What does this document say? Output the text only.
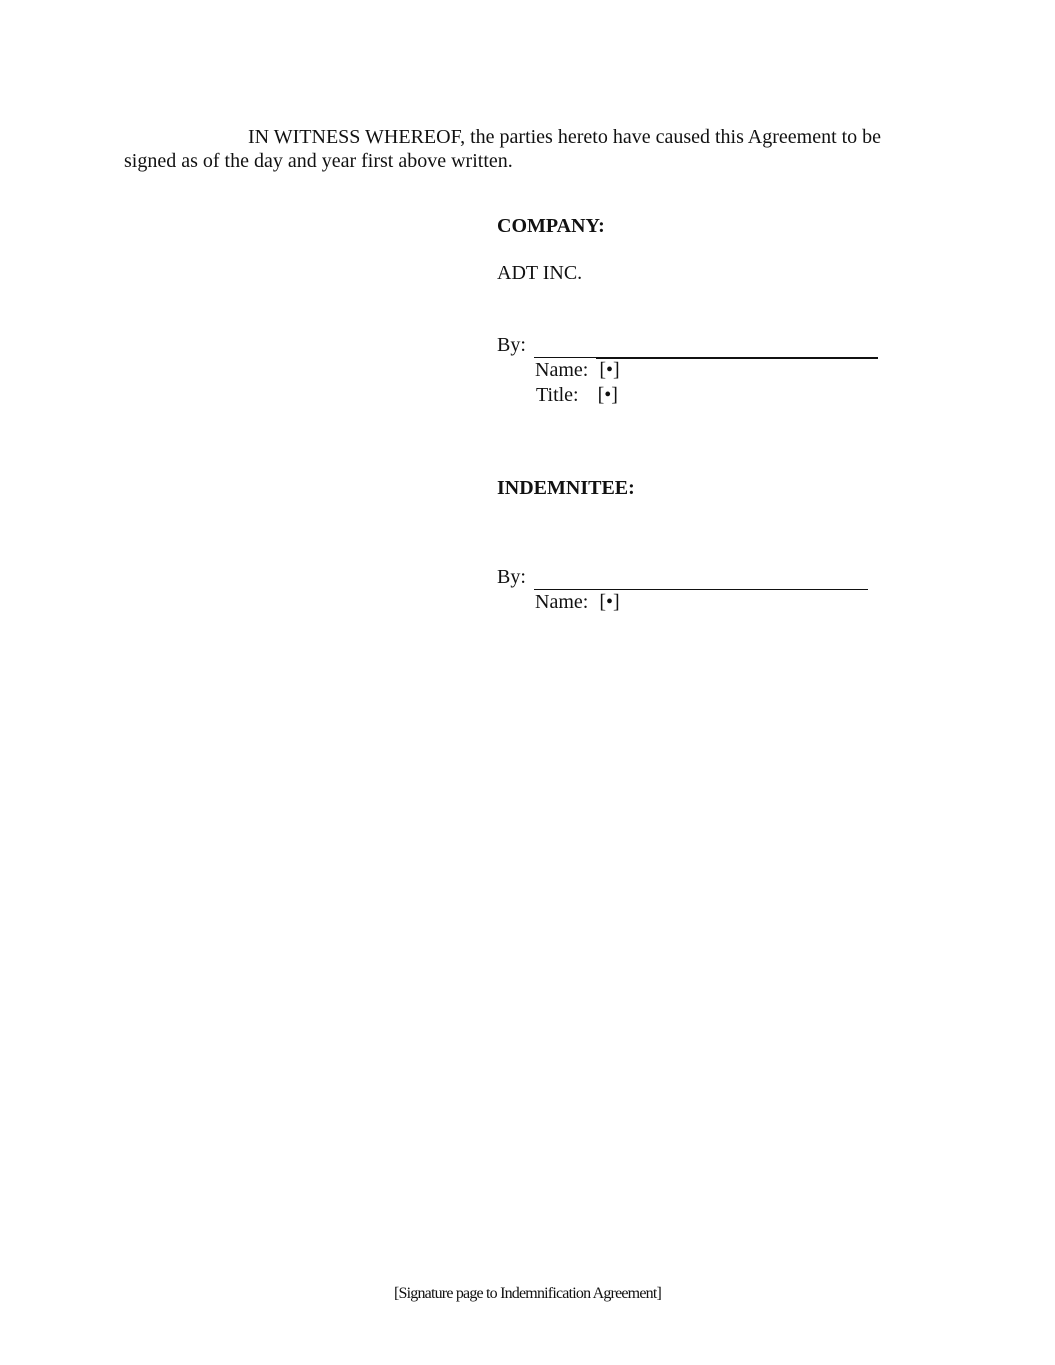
IN WITNESS WHEREOF, the parties hereto have caused this Agreement to be signed as of the day and year first above written.

COMPANY:
ADT INC.
By:
Name: [•]
Title: [•]
INDEMNITEE:
By:
Name: [•]
[Signature page to Indemnification Agreement]
